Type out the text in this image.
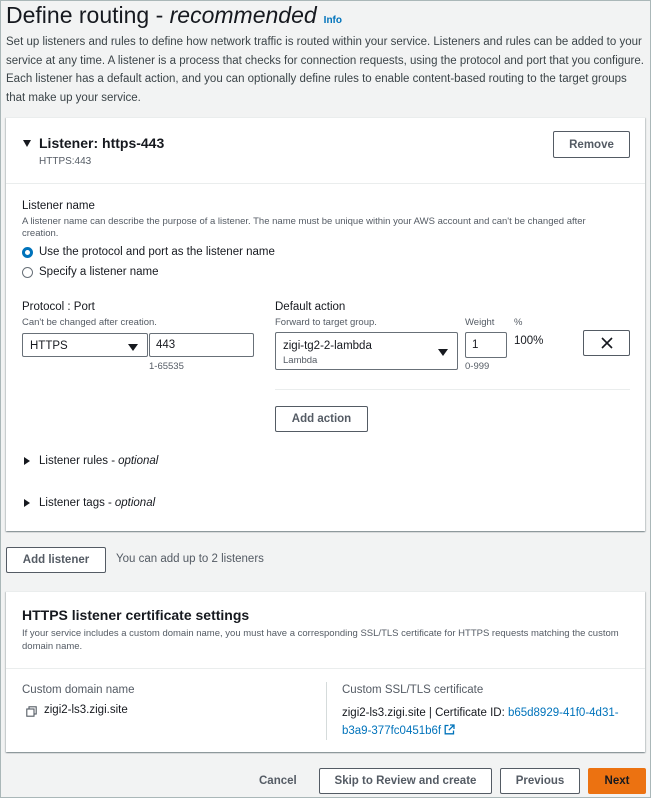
Define routing - recommended Info
Set up listeners and rules to define how network traffic is routed within your service. Listeners and rules can be added to your service at any time. A listener is a process that checks for connection requests, using the protocol and port that you configure. Each listener has a default action, and you can optionally define rules to enable content-based routing to the target groups that make up your service.
Listener: https-443
HTTPS:443
Remove
Listener name
A listener name can describe the purpose of a listener. The name must be unique within your AWS account and can't be changed after creation.
Use the protocol and port as the listener name
Specify a listener name
Protocol : Port
Can't be changed after creation.
HTTPS	443
1-65535
Default action
Forward to target group.
zigi-tg2-2-lambda
Lambda
Weight
1
0-999
%
100%
Add action
Listener rules - optional
Listener tags - optional
Add listener	You can add up to 2 listeners
HTTPS listener certificate settings
If your service includes a custom domain name, you must have a corresponding SSL/TLS certificate for HTTPS requests matching the custom domain name.
Custom domain name
zigi2-ls3.zigi.site
Custom SSL/TLS certificate
zigi2-ls3.zigi.site | Certificate ID: b65d8929-41f0-4d31-
b3a9-377fc0451b6f
Cancel	Skip to Review and create	Previous	Next
